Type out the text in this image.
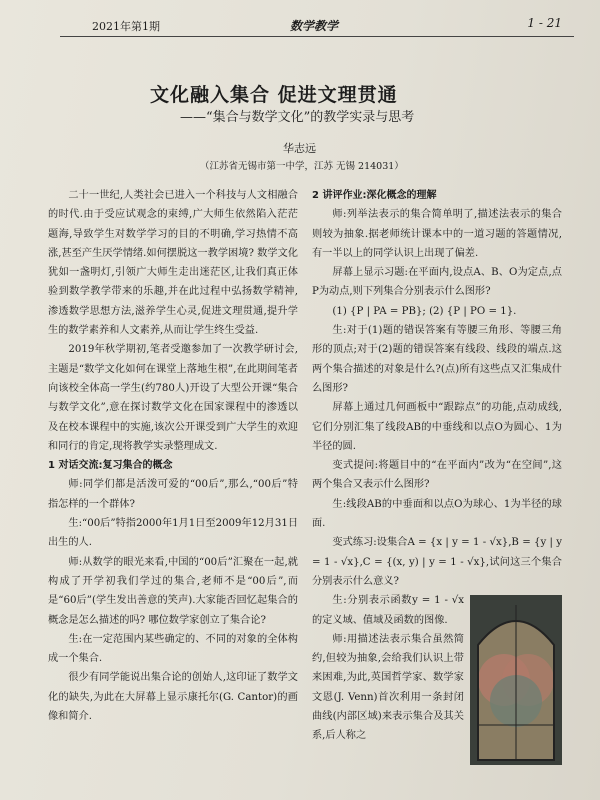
2021年第1期	数学教学	1 - 21
文化融入集合 促进文理贯通
——“集合与数学文化”的教学实录与思考
华志远
（江苏省无锡市第一中学，江苏 无锡 214031）

二十一世纪,人类社会已进入一个科技与人文相融合的时代.由于受应试观念的束缚,广大师生依然陷入茫茫题海,导致学生对数学学习的目的不明确,学习热情不高涨,甚至产生厌学情绪.如何摆脱这一教学困境? 数学文化犹如一盏明灯,引领广大师生走出迷茫区,让我们真正体验到数学教学带来的乐趣,并在此过程中弘扬数学精神,渗透数学思想方法,滋养学生心灵,促进文理贯通,提升学生的数学素养和人文素养,从而让学生终生受益.

2019年秋学期初,笔者受邀参加了一次教学研讨会,主题是“数学文化如何在课堂上落地生根”,在此期间笔者向该校全体高一学生(约780人)开设了大型公开课“集合与数学文化”,意在探讨数学文化在国家课程中的渗透以及在校本课程中的实施,该次公开课受到广大学生的欢迎和同行的肯定,现将教学实录整理成文.

1 对话交流:复习集合的概念

师:同学们都是活泼可爱的“00后”,那么,“00后”特指怎样的一个群体?

生:“00后”特指2000年1月1日至2009年12月31日出生的人.

师:从数学的眼光来看,中国的“00后”汇聚在一起,就构成了开学初我们学过的集合,老师不是“00后”,而是“60后”(学生发出善意的笑声).大家能否回忆起集合的概念是怎么描述的吗? 哪位数学家创立了集合论?

生:在一定范围内某些确定的、不同的对象的全体构成一个集合.

很少有同学能说出集合论的创始人,这印证了数学文化的缺失,为此在大屏幕上显示康托尔(G. Cantor)的画像和简介.

2 讲评作业:深化概念的理解

师:列举法表示的集合简单明了,描述法表示的集合则较为抽象.据老师统计课本中的一道习题的答题情况,有一半以上的同学认识上出现了偏差.

屏幕上显示习题:在平面内,设点A、B、O为定点,点P为动点,则下列集合分别表示什么图形?

(1) {P | PA = PB}; (2) {P | PO = 1}.

生:对于(1)题的错误答案有等腰三角形、等腰三角形的顶点;对于(2)题的错误答案有线段、线段的端点.这两个集合描述的对象是什么?(点)所有这些点又汇集成什么图形?

屏幕上通过几何画板中“跟踪点”的功能,点动成线,它们分别汇集了线段AB的中垂线和以点O为圆心、1为半径的圆.

变式提问:将题目中的“在平面内”改为“在空间”,这两个集合又表示什么图形?

生:线段AB的中垂面和以点O为球心、1为半径的球面.

变式练习:设集合A = {x | y = 1 - √x},B = {y | y = 1 - √x},C = {(x, y) | y = 1 - √x},试问这三个集合分别表示什么意义?

生:分别表示函数y = 1 - √x的定义域、值域及函数的图像.

师:用描述法表示集合虽然简约,但较为抽象,会给我们认识上带来困难,为此,英国哲学家、数学家文恩(J. Venn)首次利用一条封闭曲线(内部区域)来表示集合及其关系,后人称之
